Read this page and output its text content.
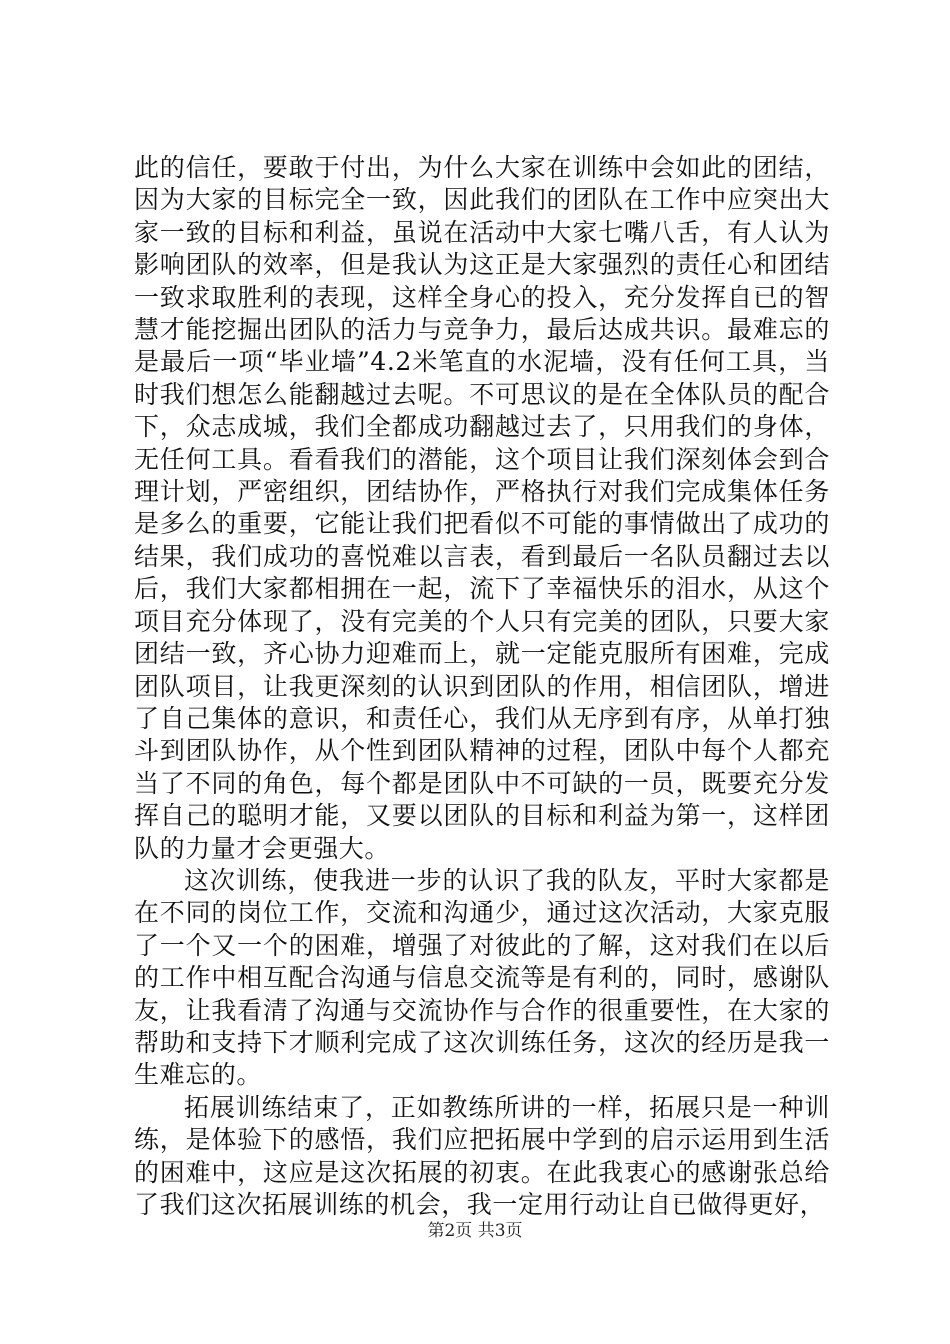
此的信任，要敢于付出，为什么大家在训练中会如此的团结，因为大家的目标完全一致，因此我们的团队在工作中应突出大家一致的目标和利益，虽说在活动中大家七嘴八舌，有人认为影响团队的效率，但是我认为这正是大家强烈的责任心和团结一致求取胜利的表现，这样全身心的投入，充分发挥自已的智慧才能挖掘出团队的活力与竞争力，最后达成共识。最难忘的是最后一项“毕业墙”4.2米笔直的水泥墙，没有任何工具，当时我们想怎么能翻越过去呢。不可思议的是在全体队员的配合下，众志成城，我们全都成功翻越过去了，只用我们的身体，无任何工具。看看我们的潜能，这个项目让我们深刻体会到合理计划，严密组织，团结协作，严格执行对我们完成集体任务是多么的重要，它能让我们把看似不可能的事情做出了成功的结果，我们成功的喜悦难以言表，看到最后一名队员翻过去以后，我们大家都相拥在一起，流下了幸福快乐的泪水，从这个项目充分体现了，没有完美的个人只有完美的团队，只要大家团结一致，齐心协力迎难而上，就一定能克服所有困难，完成团队项目，让我更深刻的认识到团队的作用，相信团队，增进了自己集体的意识，和责任心，我们从无序到有序，从单打独斗到团队协作，从个性到团队精神的过程，团队中每个人都充当了不同的角色，每个都是团队中不可缺的一员，既要充分发挥自己的聪明才能，又要以团队的目标和利益为第一，这样团队的力量才会更强大。

这次训练，使我进一步的认识了我的队友，平时大家都是在不同的岗位工作，交流和沟通少，通过这次活动，大家克服了一个又一个的困难，增强了对彼此的了解，这对我们在以后的工作中相互配合沟通与信息交流等是有利的，同时，感谢队友，让我看清了沟通与交流协作与合作的很重要性，在大家的帮助和支持下才顺利完成了这次训练任务，这次的经历是我一生难忘的。

拓展训练结束了，正如教练所讲的一样，拓展只是一种训练，是体验下的感悟，我们应把拓展中学到的启示运用到生活的困难中，这应是这次拓展的初衷。在此我衷心的感谢张总给了我们这次拓展训练的机会，我一定用行动让自已做得更好，

第2页 共3页
